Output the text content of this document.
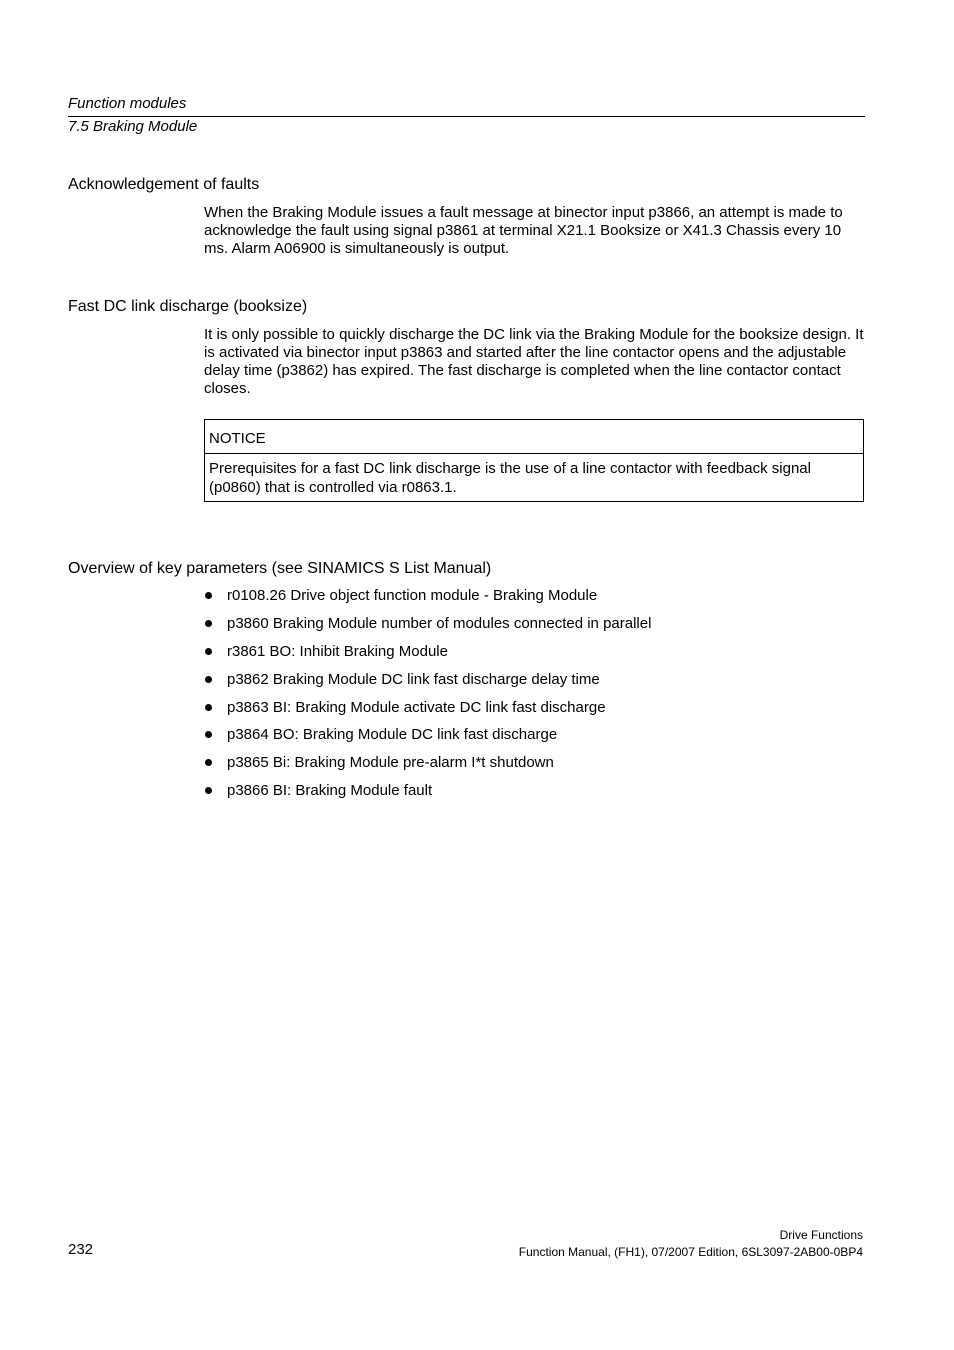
Function modules
7.5 Braking Module
Acknowledgement of faults

When the Braking Module issues a fault message at binector input p3866, an attempt is made to acknowledge the fault using signal p3861 at terminal X21.1 Booksize or X41.3 Chassis every 10 ms. Alarm A06900 is simultaneously is output.

Fast DC link discharge (booksize)

It is only possible to quickly discharge the DC link via the Braking Module for the booksize design. It is activated via binector input p3863 and started after the line contactor opens and the adjustable delay time (p3862) has expired. The fast discharge is completed when the line contactor contact closes.

NOTICE
Prerequisites for a fast DC link discharge is the use of a line contactor with feedback signal (p0860) that is controlled via r0863.1.
Overview of key parameters (see SINAMICS S List Manual)
r0108.26 Drive object function module - Braking Module
p3860 Braking Module number of modules connected in parallel
r3861 BO: Inhibit Braking Module
p3862 Braking Module DC link fast discharge delay time
p3863 BI: Braking Module activate DC link fast discharge
p3864 BO: Braking Module DC link fast discharge
p3865 Bi: Braking Module pre-alarm I*t shutdown
p3866 BI: Braking Module fault
232
Drive Functions
Function Manual, (FH1), 07/2007 Edition, 6SL3097-2AB00-0BP4
